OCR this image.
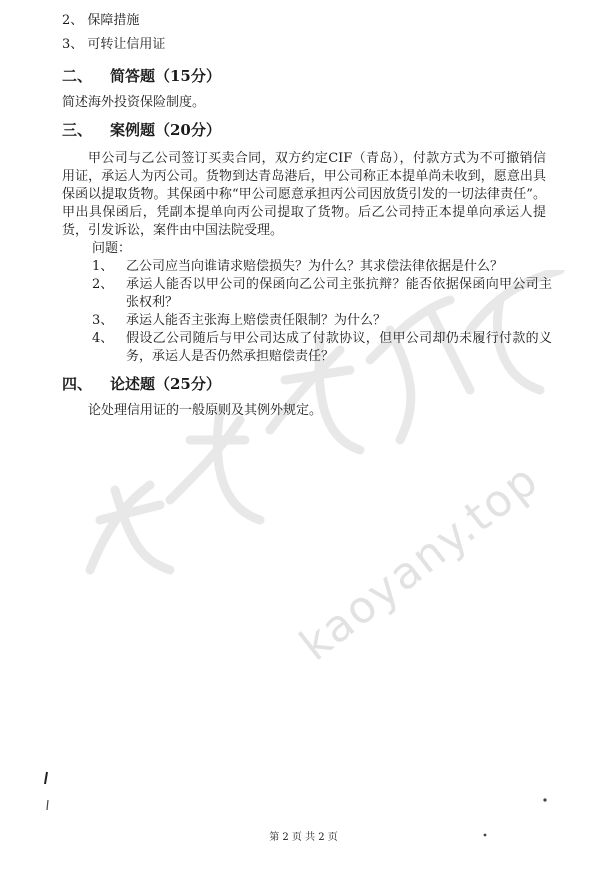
kaoyany.top
2、 保障措施
3、 可转让信用证
二、 简答题（15分）
简述海外投资保险制度。
三、 案例题（20分）
甲公司与乙公司签订买卖合同，双方约定CIF（青岛），付款方式为不可撤销信用证，承运人为丙公司。货物到达青岛港后，甲公司称正本提单尚未收到，愿意出具保函以提取货物。其保函中称“甲公司愿意承担丙公司因放货引发的一切法律责任”。甲出具保函后，凭副本提单向丙公司提取了货物。后乙公司持正本提单向承运人提货，引发诉讼，案件由中国法院受理。
问题：
1、 乙公司应当向谁请求赔偿损失？为什么？其求偿法律依据是什么？
2、 承运人能否以甲公司的保函向乙公司主张抗辩？能否依据保函向甲公司主张权利？
3、 承运人能否主张海上赔偿责任限制？为什么？
4、 假设乙公司随后与甲公司达成了付款协议，但甲公司却仍未履行付款的义务，承运人是否仍然承担赔偿责任？
四、 论述题（25分）
论处理信用证的一般原则及其例外规定。
第 2 页 共 2 页
